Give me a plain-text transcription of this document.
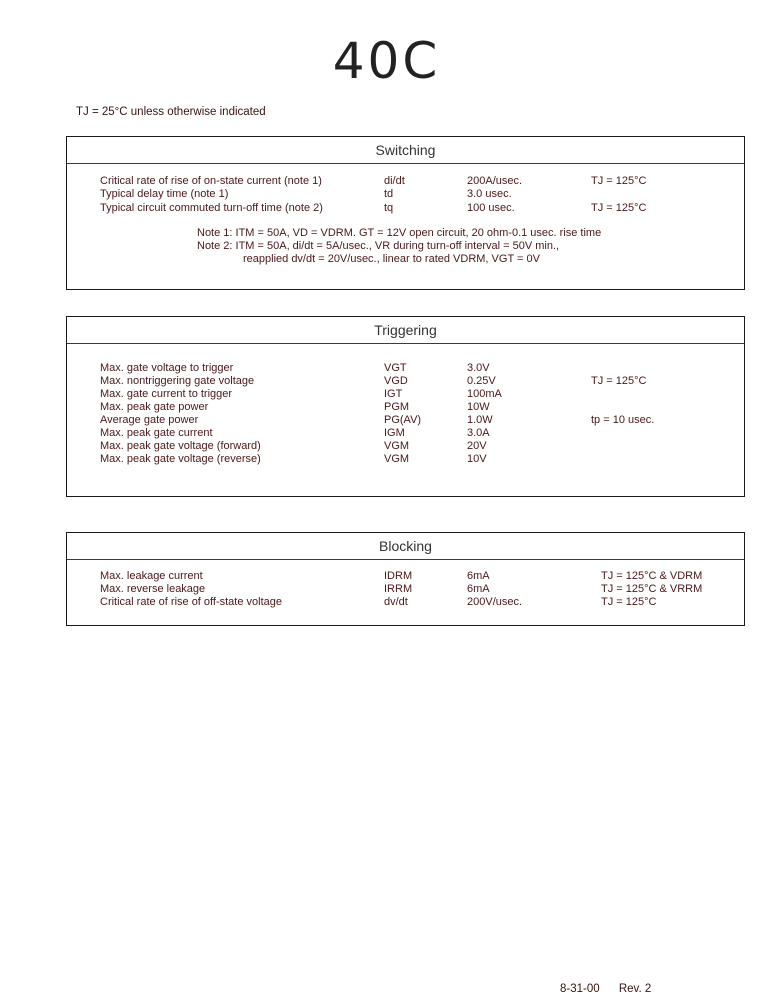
40C
TJ = 25°C unless otherwise indicated
Switching
Critical rate of rise of on-state current (note 1)	di/dt	200A/usec.	TJ = 125°C
Typical delay time (note 1)	td	3.0 usec.
Typical circuit commuted turn-off time (note 2)	tq	100 usec.	TJ = 125°C
Note 1: ITM = 50A, VD = VDRM. GT = 12V open circuit, 20 ohm-0.1 usec. rise time
Note 2: ITM = 50A, di/dt = 5A/usec., VR during turn-off interval = 50V min.,
reapplied dv/dt = 20V/usec., linear to rated VDRM, VGT = 0V
Triggering
Max. gate voltage to trigger	VGT	3.0V
Max. nontriggering gate voltage	VGD	0.25V	TJ = 125°C
Max. gate current to trigger	IGT	100mA
Max. peak gate power	PGM	10W
Average gate power	PG(AV)	1.0W	tp = 10 usec.
Max. peak gate current	IGM	3.0A
Max. peak gate voltage (forward)	VGM	20V
Max. peak gate voltage (reverse)	VGM	10V
Blocking
Max. leakage current	IDRM	6mA	TJ = 125°C & VDRM
Max. reverse leakage	IRRM	6mA	TJ = 125°C & VRRM
Critical rate of rise of off-state voltage	dv/dt	200V/usec.	TJ = 125°C
8-31-00 Rev. 2
